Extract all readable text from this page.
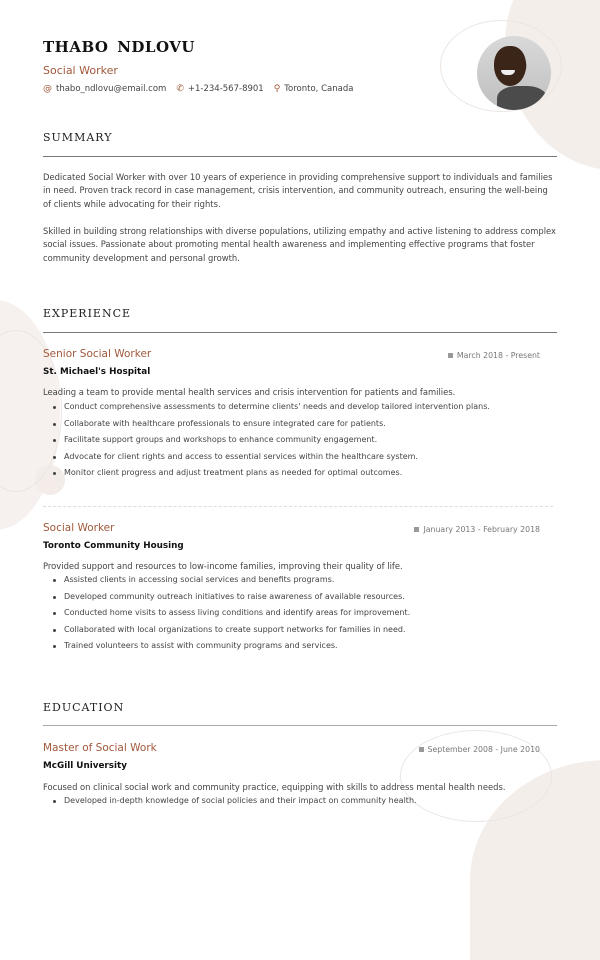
THABO NDLOVU
Social Worker
@ thabo_ndlovu@email.com ✆ +1-234-567-8901 ⚲ Toronto, Canada
SUMMARY
Dedicated Social Worker with over 10 years of experience in providing comprehensive support to individuals and families in need. Proven track record in case management, crisis intervention, and community outreach, ensuring the well-being of clients while advocating for their rights.
Skilled in building strong relationships with diverse populations, utilizing empathy and active listening to address complex social issues. Passionate about promoting mental health awareness and implementing effective programs that foster community development and personal growth.
EXPERIENCE
Senior Social Worker	March 2018 - Present
St. Michael's Hospital
Leading a team to provide mental health services and crisis intervention for patients and families.
Conduct comprehensive assessments to determine clients' needs and develop tailored intervention plans.
Collaborate with healthcare professionals to ensure integrated care for patients.
Facilitate support groups and workshops to enhance community engagement.
Advocate for client rights and access to essential services within the healthcare system.
Monitor client progress and adjust treatment plans as needed for optimal outcomes.
Social Worker	January 2013 - February 2018
Toronto Community Housing
Provided support and resources to low-income families, improving their quality of life.
Assisted clients in accessing social services and benefits programs.
Developed community outreach initiatives to raise awareness of available resources.
Conducted home visits to assess living conditions and identify areas for improvement.
Collaborated with local organizations to create support networks for families in need.
Trained volunteers to assist with community programs and services.
EDUCATION
Master of Social Work	September 2008 - June 2010
McGill University
Focused on clinical social work and community practice, equipping with skills to address mental health needs.
Developed in-depth knowledge of social policies and their impact on community health.
